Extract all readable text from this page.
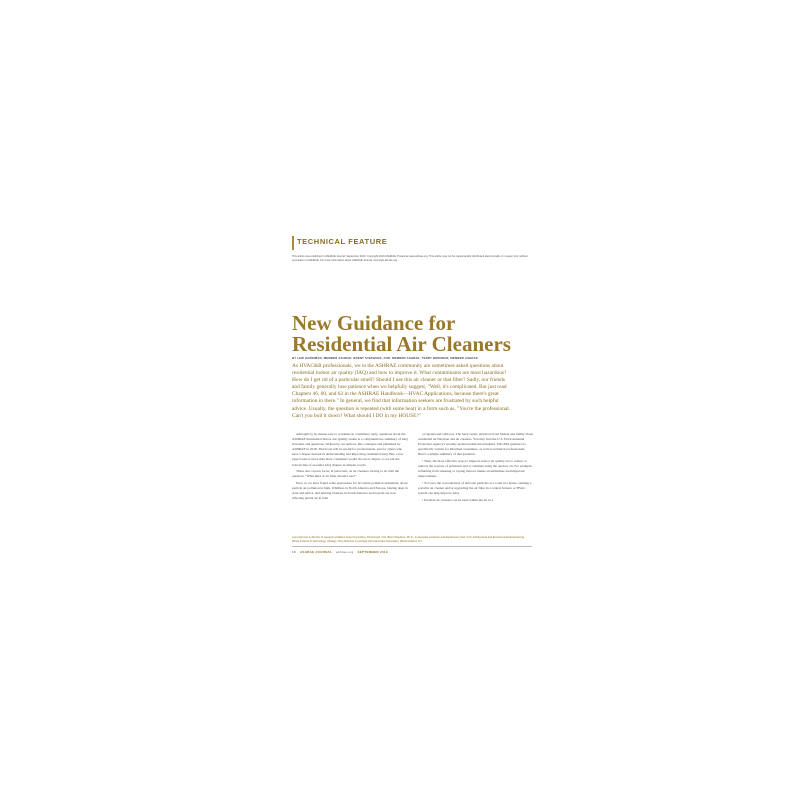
TECHNICAL FEATURE
This article was published in ASHRAE Journal, September 2019. Copyright 2019 ASHRAE. Posted at www.ashrae.org. This article may not be copied and/or distributed electronically or in paper form without permission of ASHRAE. For more information about ASHRAE Journal, visit www.ashrae.org.
New Guidance for Residential Air Cleaners
BY LEW HARRIMAN, MEMBER ASHRAE; BRENT STEPHENS, PHD, MEMBER ASHRAE; TERRY BRENNAN, MEMBER ASHRAE

As HVAC&R professionals, we in the ASHRAE community are sometimes asked questions about residential indoor air quality (IAQ) and how to improve it. What contaminants are most hazardous? How do I get rid of a particular smell? Should I use this air cleaner or that filter? Sadly, our friends and family generally lose patience when we helpfully suggest, "Well, it's complicated. But just read Chapters 46, 60, and 62 in the ASHRAE Handbook—HVAC Applications, because there's great information in there." In general, we find that information seekers are frustrated by such helpful advice. Usually, the question is repeated (with some heat) in a form such as, "You're the professional. Can't you boil it down? What should I DO in my HOUSE?"

Although by no means easy to condense in a summary reply, questions about the ASHRAE Residential Indoor Air Quality Guide is a comprehensive summary of IAQ in homes and questions. Written by our authors, this colleague and published by ASHRAE in 2018. That book will be useful for professionals, and for others who have a deeper interest in understanding and improving residential IAQ. But, a few page books is more than most consumers would choose to digest, so we put the bottom-line of an entire IAQ chapter in simpler words.

These new reports focus, in particular, on air cleaners, having to do with the question: "What kind of air filter should I use?"

Now, so we have found some approaches for favorable pollution abatement, about particle air pollution in high, Wildfires in North America and Europe, blazing deep in Asia and Africa, and burning biomass in South America and beyond are now affecting global air in both

occupants and outdoors. The IAQ rooms, and more from friends and family about residential air filtration and air cleaners. You may find the U.S. Environmental Protection Agency's recently updated publication helpful. This EPA guidance is specifically written for informed consumers, as well as technical professionals. Here's a simple summary of that guidance.

• Then, the most effective ways to improve indoor air quality are to reduce or remove the sources of pollutants and to ventilate using the outdoor air. For example, refraining from smoking or vaping indoors makes an immediate and important improvement.

• To lower the concentration of airborne particles at a room in a house, running a portable air cleaner and/or upgrading the air filter in a central furnace or HVAC system can help improve IAQ.

• Portable air cleaners can be used within the air in a

Lew Harriman is director of research at Mason-Grant Consulting, Portsmouth, N.H. Brent Stephens, Ph.D., is associate professor and department chair, Civil, Architectural and Environmental Engineering, Illinois Institute of Technology, Chicago. Terry Brennan is principal with Camroden Associates, Westmoreland, N.Y.
18 ASHRAE JOURNAL ashrae.org SEPTEMBER 2019
